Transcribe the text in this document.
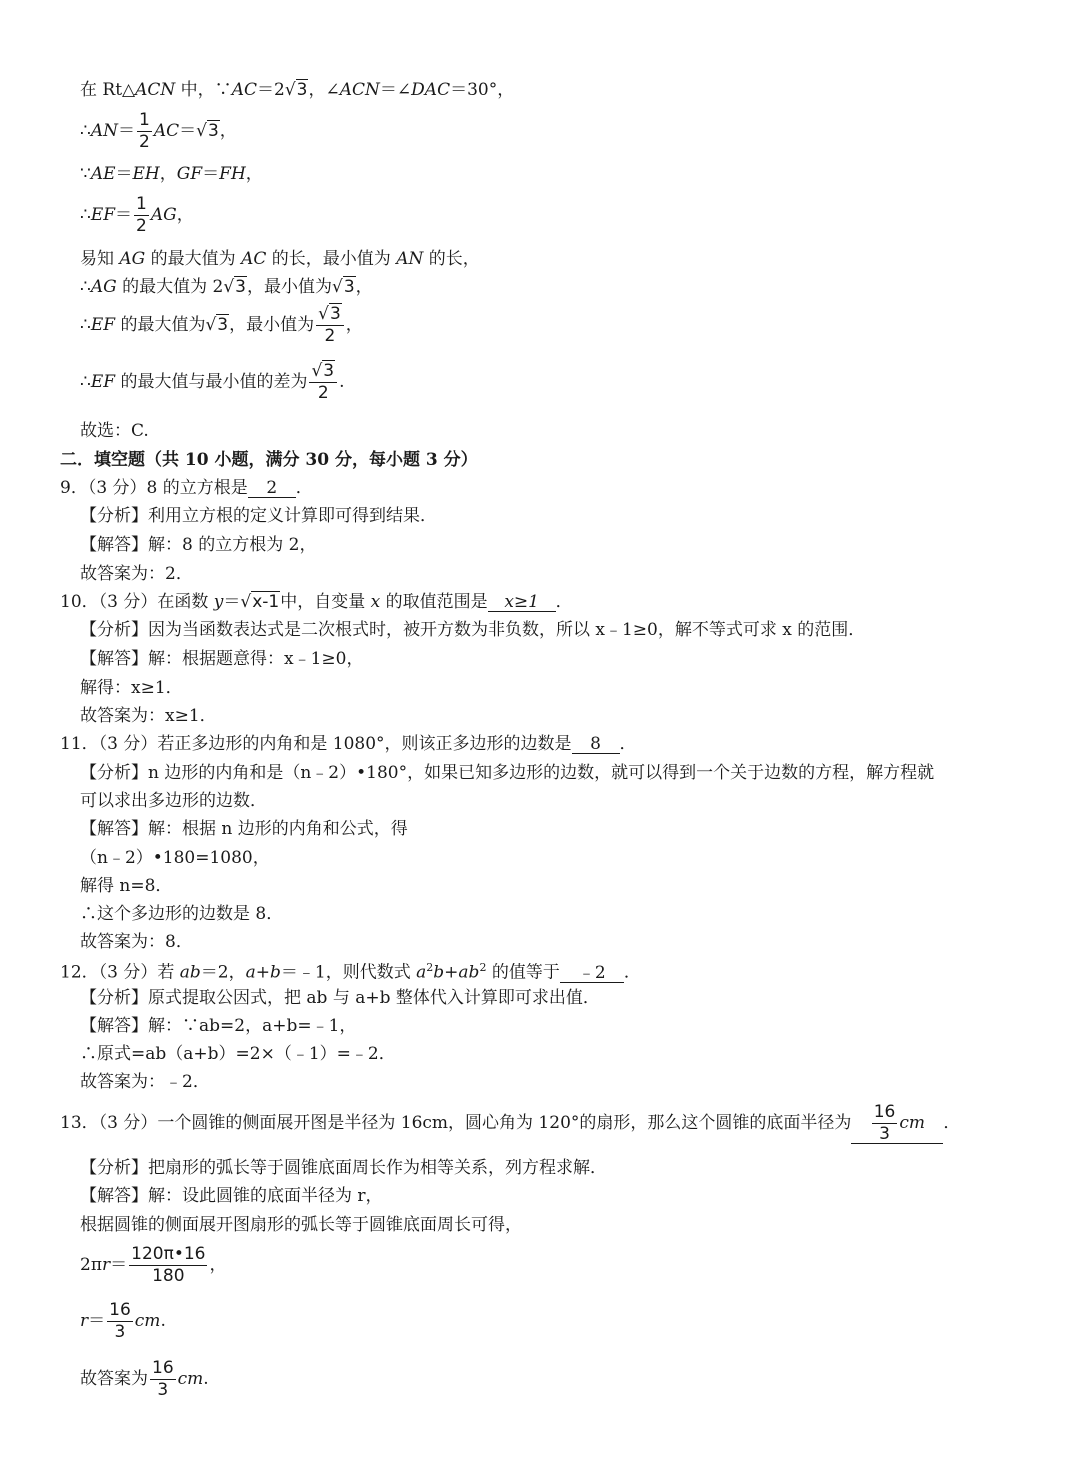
在 Rt△ACN 中，∵AC＝2√3，∠ACN＝∠DAC＝30°，
∴AN＝ $\frac{1}{2} AC=√3$，
∵AE＝EH，GF＝FH，
∴EF＝ $\frac{1}{2}$ AG，
易知 AG 的最大值为 AC 的长，最小值为 AN 的长，
∴AG 的最大值为 2√3，最小值为√3，
∴EF 的最大值为√3，最小值为 $\frac{√3}{2}$ ，
∴EF 的最大值与最小值的差为 $\frac{√3}{2}$ .
故选：C.
二．填空题（共 10 小题，满分 30 分，每小题 3 分）
9．（3 分）8 的立方根是 2 ．
【分析】利用立方根的定义计算即可得到结果．
【解答】解：8 的立方根为 2，
故答案为：2．
10．（3 分）在函数 y＝√x-1中，自变量 x 的取值范围是 x≥1 ．
【分析】因为当函数表达式是二次根式时，被开方数为非负数，所以 x﹣1≥0，解不等式可求 x 的范围．
【解答】解：根据题意得：x﹣1≥0，
解得：x≥1．
故答案为：x≥1．
11．（3 分）若正多边形的内角和是 1080°，则该正多边形的边数是 8 ．
【分析】n 边形的内角和是（n﹣2）•180°，如果已知多边形的边数，就可以得到一个关于边数的方程，解方程就
可以求出多边形的边数．
【解答】解：根据 n 边形的内角和公式，得
（n﹣2）•180=1080，
解得 n=8．
∴这个多边形的边数是 8．
故答案为：8．
12．（3 分）若 ab＝2，a+b＝﹣1，则代数式 $a^2b+ab^2$ 的值等于 ﹣2 ．
【分析】原式提取公因式，把 ab 与 a+b 整体代入计算即可求出值．
【解答】解：∵ab=2，a+b=﹣1，
∴原式=ab（a+b）=2×（﹣1）=﹣2．
故答案为：﹣2．
13．（3 分）一个圆锥的侧面展开图是半径为 16cm，圆心角为 120°的扇形，那么这个圆锥的底面半径为 $\frac{16}{3}$ cm ．
【分析】把扇形的弧长等于圆锥底面周长作为相等关系，列方程求解．
【解答】解：设此圆锥的底面半径为 r，
根据圆锥的侧面展开图扇形的弧长等于圆锥底面周长可得，
$2\pi r= \frac{120\pi•16}{180}$ ，
$r= \frac{16}{3}$ cm.
故答案为 $\frac{16}{3}$ cm.
